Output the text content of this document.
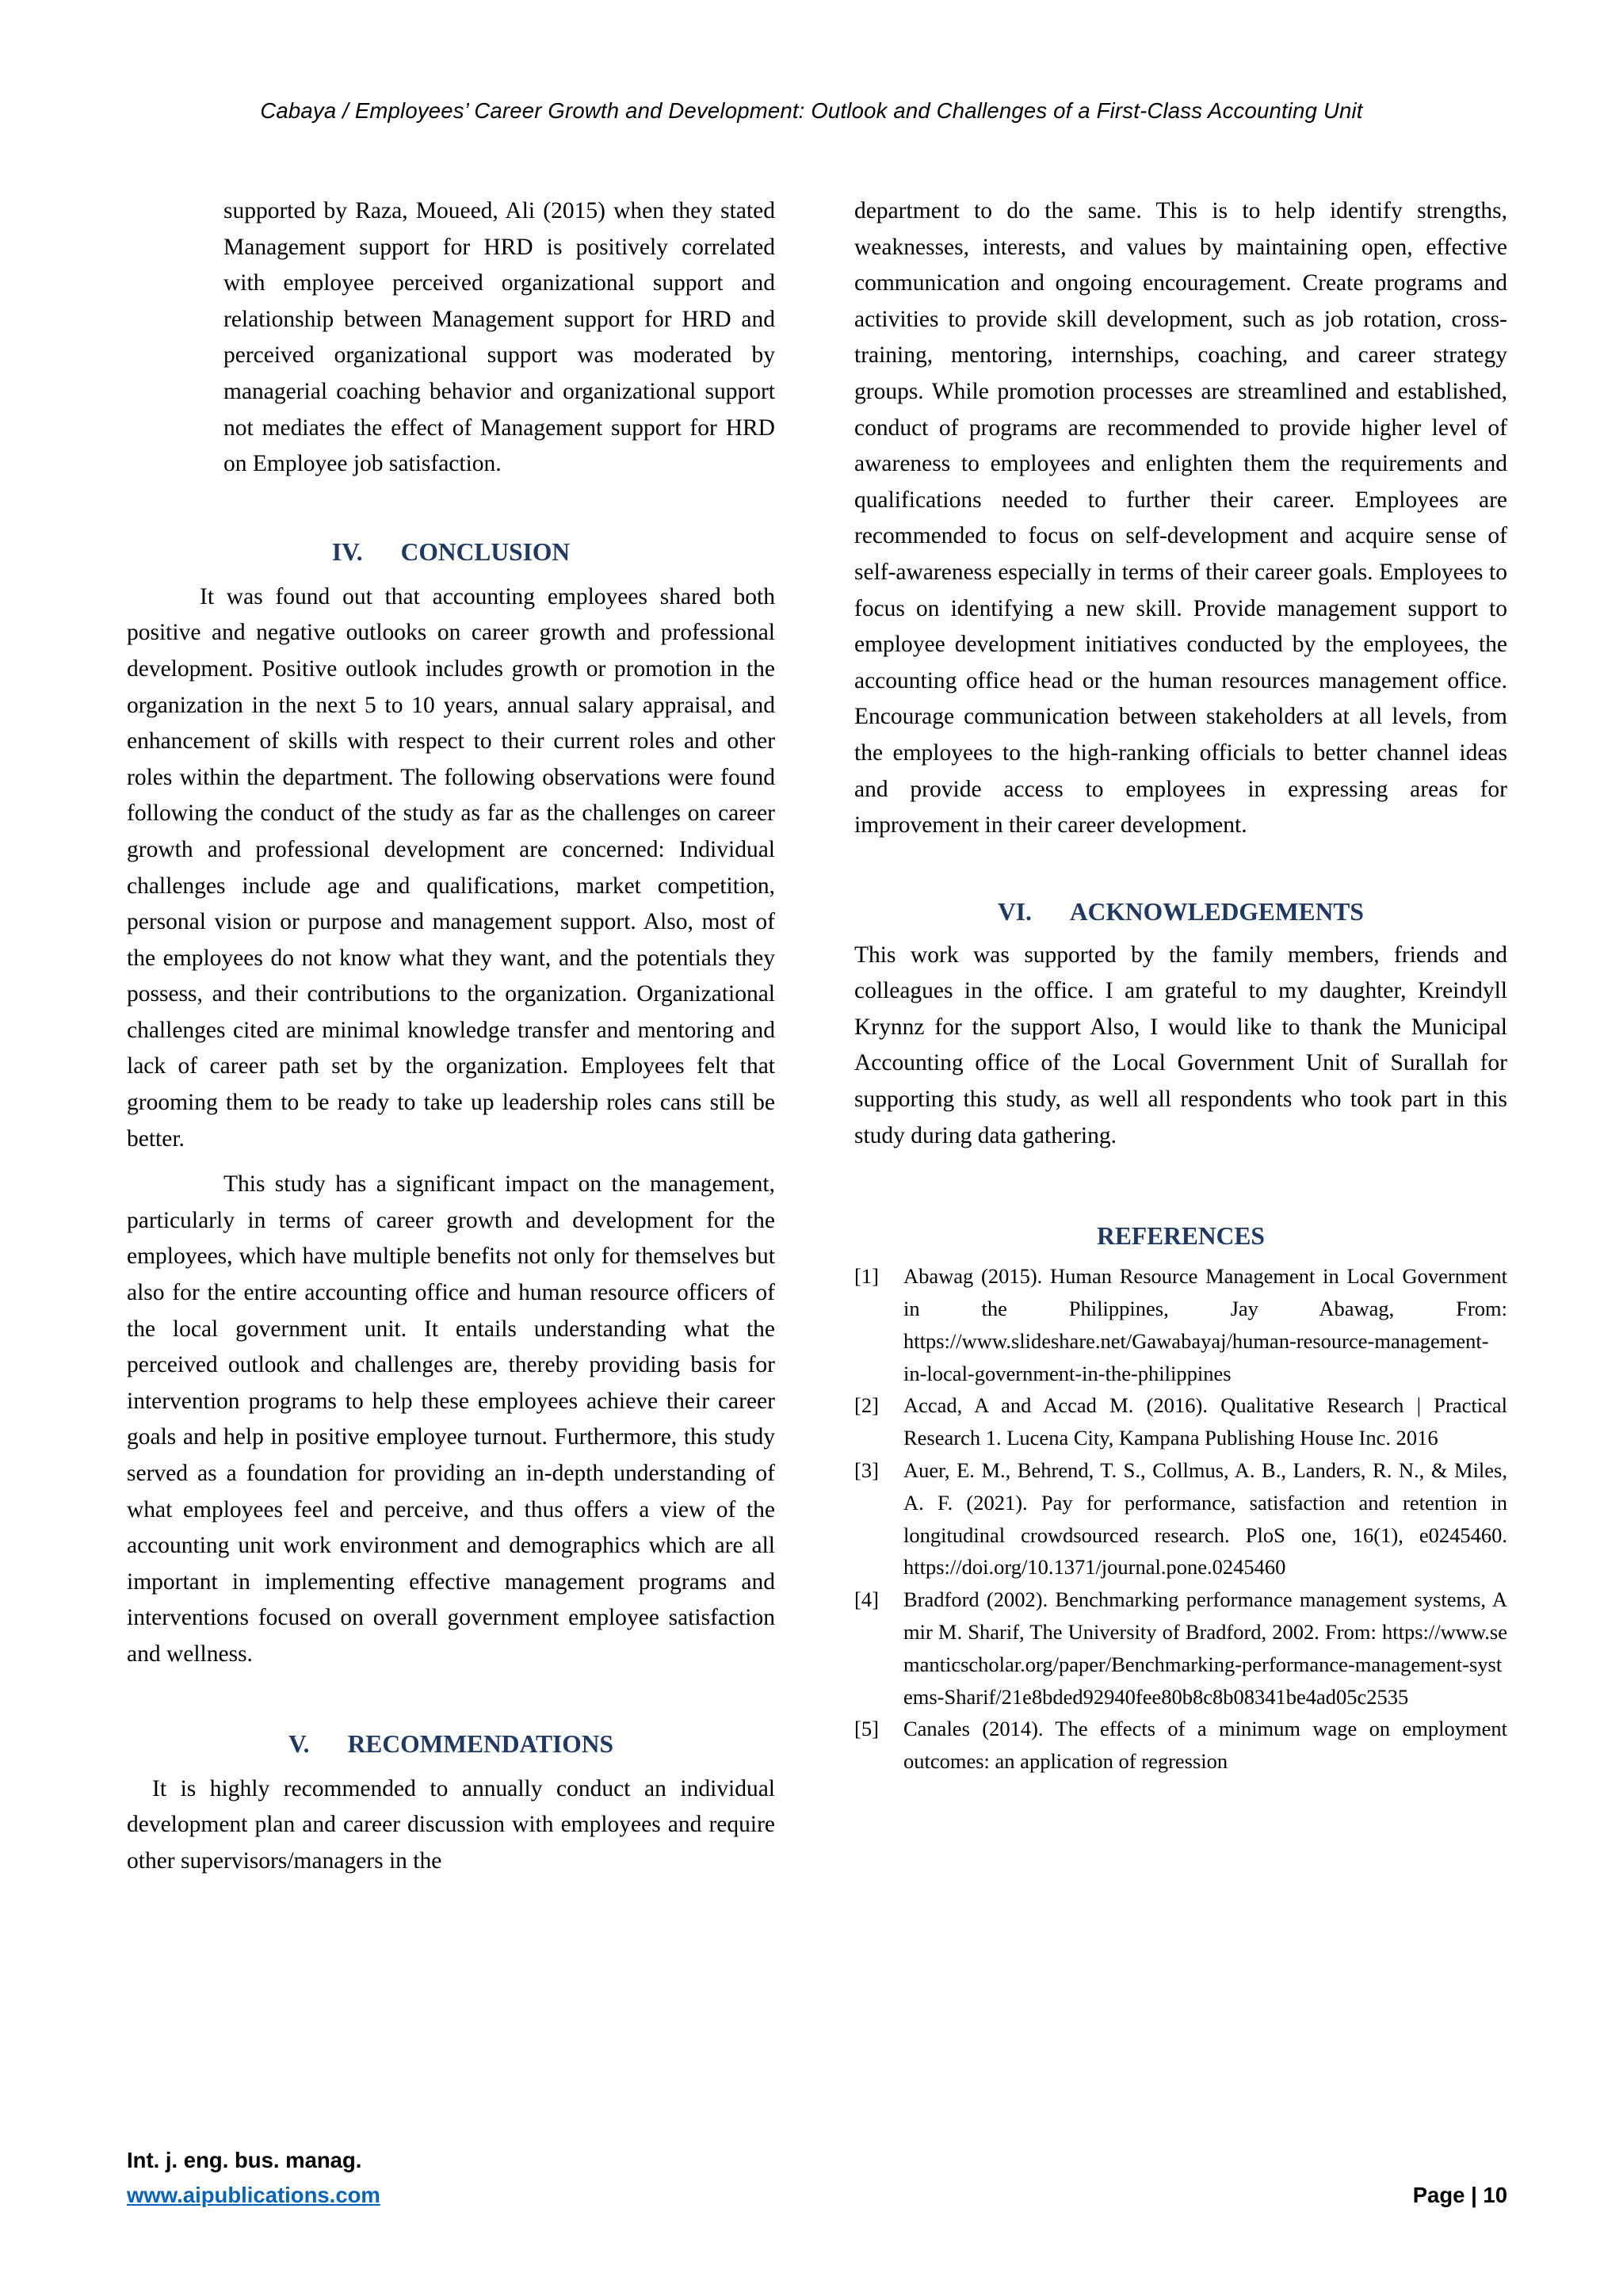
Cabaya / Employees’ Career Growth and Development: Outlook and Challenges of a First-Class Accounting Unit

supported by Raza, Moueed, Ali (2015) when they stated Management support for HRD is positively correlated with employee perceived organizational support and relationship between Management support for HRD and perceived organizational support was moderated by managerial coaching behavior and organizational support not mediates the effect of Management support for HRD on Employee job satisfaction.

IV. CONCLUSION

It was found out that accounting employees shared both positive and negative outlooks on career growth and professional development. Positive outlook includes growth or promotion in the organization in the next 5 to 10 years, annual salary appraisal, and enhancement of skills with respect to their current roles and other roles within the department. The following observations were found following the conduct of the study as far as the challenges on career growth and professional development are concerned: Individual challenges include age and qualifications, market competition, personal vision or purpose and management support. Also, most of the employees do not know what they want, and the potentials they possess, and their contributions to the organization. Organizational challenges cited are minimal knowledge transfer and mentoring and lack of career path set by the organization. Employees felt that grooming them to be ready to take up leadership roles cans still be better.

This study has a significant impact on the management, particularly in terms of career growth and development for the employees, which have multiple benefits not only for themselves but also for the entire accounting office and human resource officers of the local government unit. It entails understanding what the perceived outlook and challenges are, thereby providing basis for intervention programs to help these employees achieve their career goals and help in positive employee turnout. Furthermore, this study served as a foundation for providing an in-depth understanding of what employees feel and perceive, and thus offers a view of the accounting unit work environment and demographics which are all important in implementing effective management programs and interventions focused on overall government employee satisfaction and wellness.

V. RECOMMENDATIONS

It is highly recommended to annually conduct an individual development plan and career discussion with employees and require other supervisors/managers in the

department to do the same. This is to help identify strengths, weaknesses, interests, and values by maintaining open, effective communication and ongoing encouragement. Create programs and activities to provide skill development, such as job rotation, cross-training, mentoring, internships, coaching, and career strategy groups. While promotion processes are streamlined and established, conduct of programs are recommended to provide higher level of awareness to employees and enlighten them the requirements and qualifications needed to further their career. Employees are recommended to focus on self-development and acquire sense of self-awareness especially in terms of their career goals. Employees to focus on identifying a new skill. Provide management support to employee development initiatives conducted by the employees, the accounting office head or the human resources management office. Encourage communication between stakeholders at all levels, from the employees to the high-ranking officials to better channel ideas and provide access to employees in expressing areas for improvement in their career development.

VI. ACKNOWLEDGEMENTS

This work was supported by the family members, friends and colleagues in the office. I am grateful to my daughter, Kreindyll Krynnz for the support Also, I would like to thank the Municipal Accounting office of the Local Government Unit of Surallah for supporting this study, as well all respondents who took part in this study during data gathering.

REFERENCES
[1] Abawag (2015). Human Resource Management in Local Government in the Philippines, Jay Abawag, From: https://www.slideshare.net/Gawabayaj/human-resource-management-in-local-government-in-the-philippines
[2] Accad, A and Accad M. (2016). Qualitative Research | Practical Research 1. Lucena City, Kampana Publishing House Inc. 2016
[3] Auer, E. M., Behrend, T. S., Collmus, A. B., Landers, R. N., & Miles, A. F. (2021). Pay for performance, satisfaction and retention in longitudinal crowdsourced research. PloS one, 16(1), e0245460. https://doi.org/10.1371/journal.pone.0245460
[4] Bradford (2002). Benchmarking performance management systems, Amir M. Sharif, The University of Bradford, 2002. From: https://www.semanticscholar.org/paper/Benchmarking-performance-management-systems-Sharif/21e8bded92940fee80b8c8b08341be4ad05c2535
[5] Canales (2014). The effects of a minimum wage on employment outcomes: an application of regression
Int. j. eng. bus. manag.
www.aipublications.com	Page | 10
